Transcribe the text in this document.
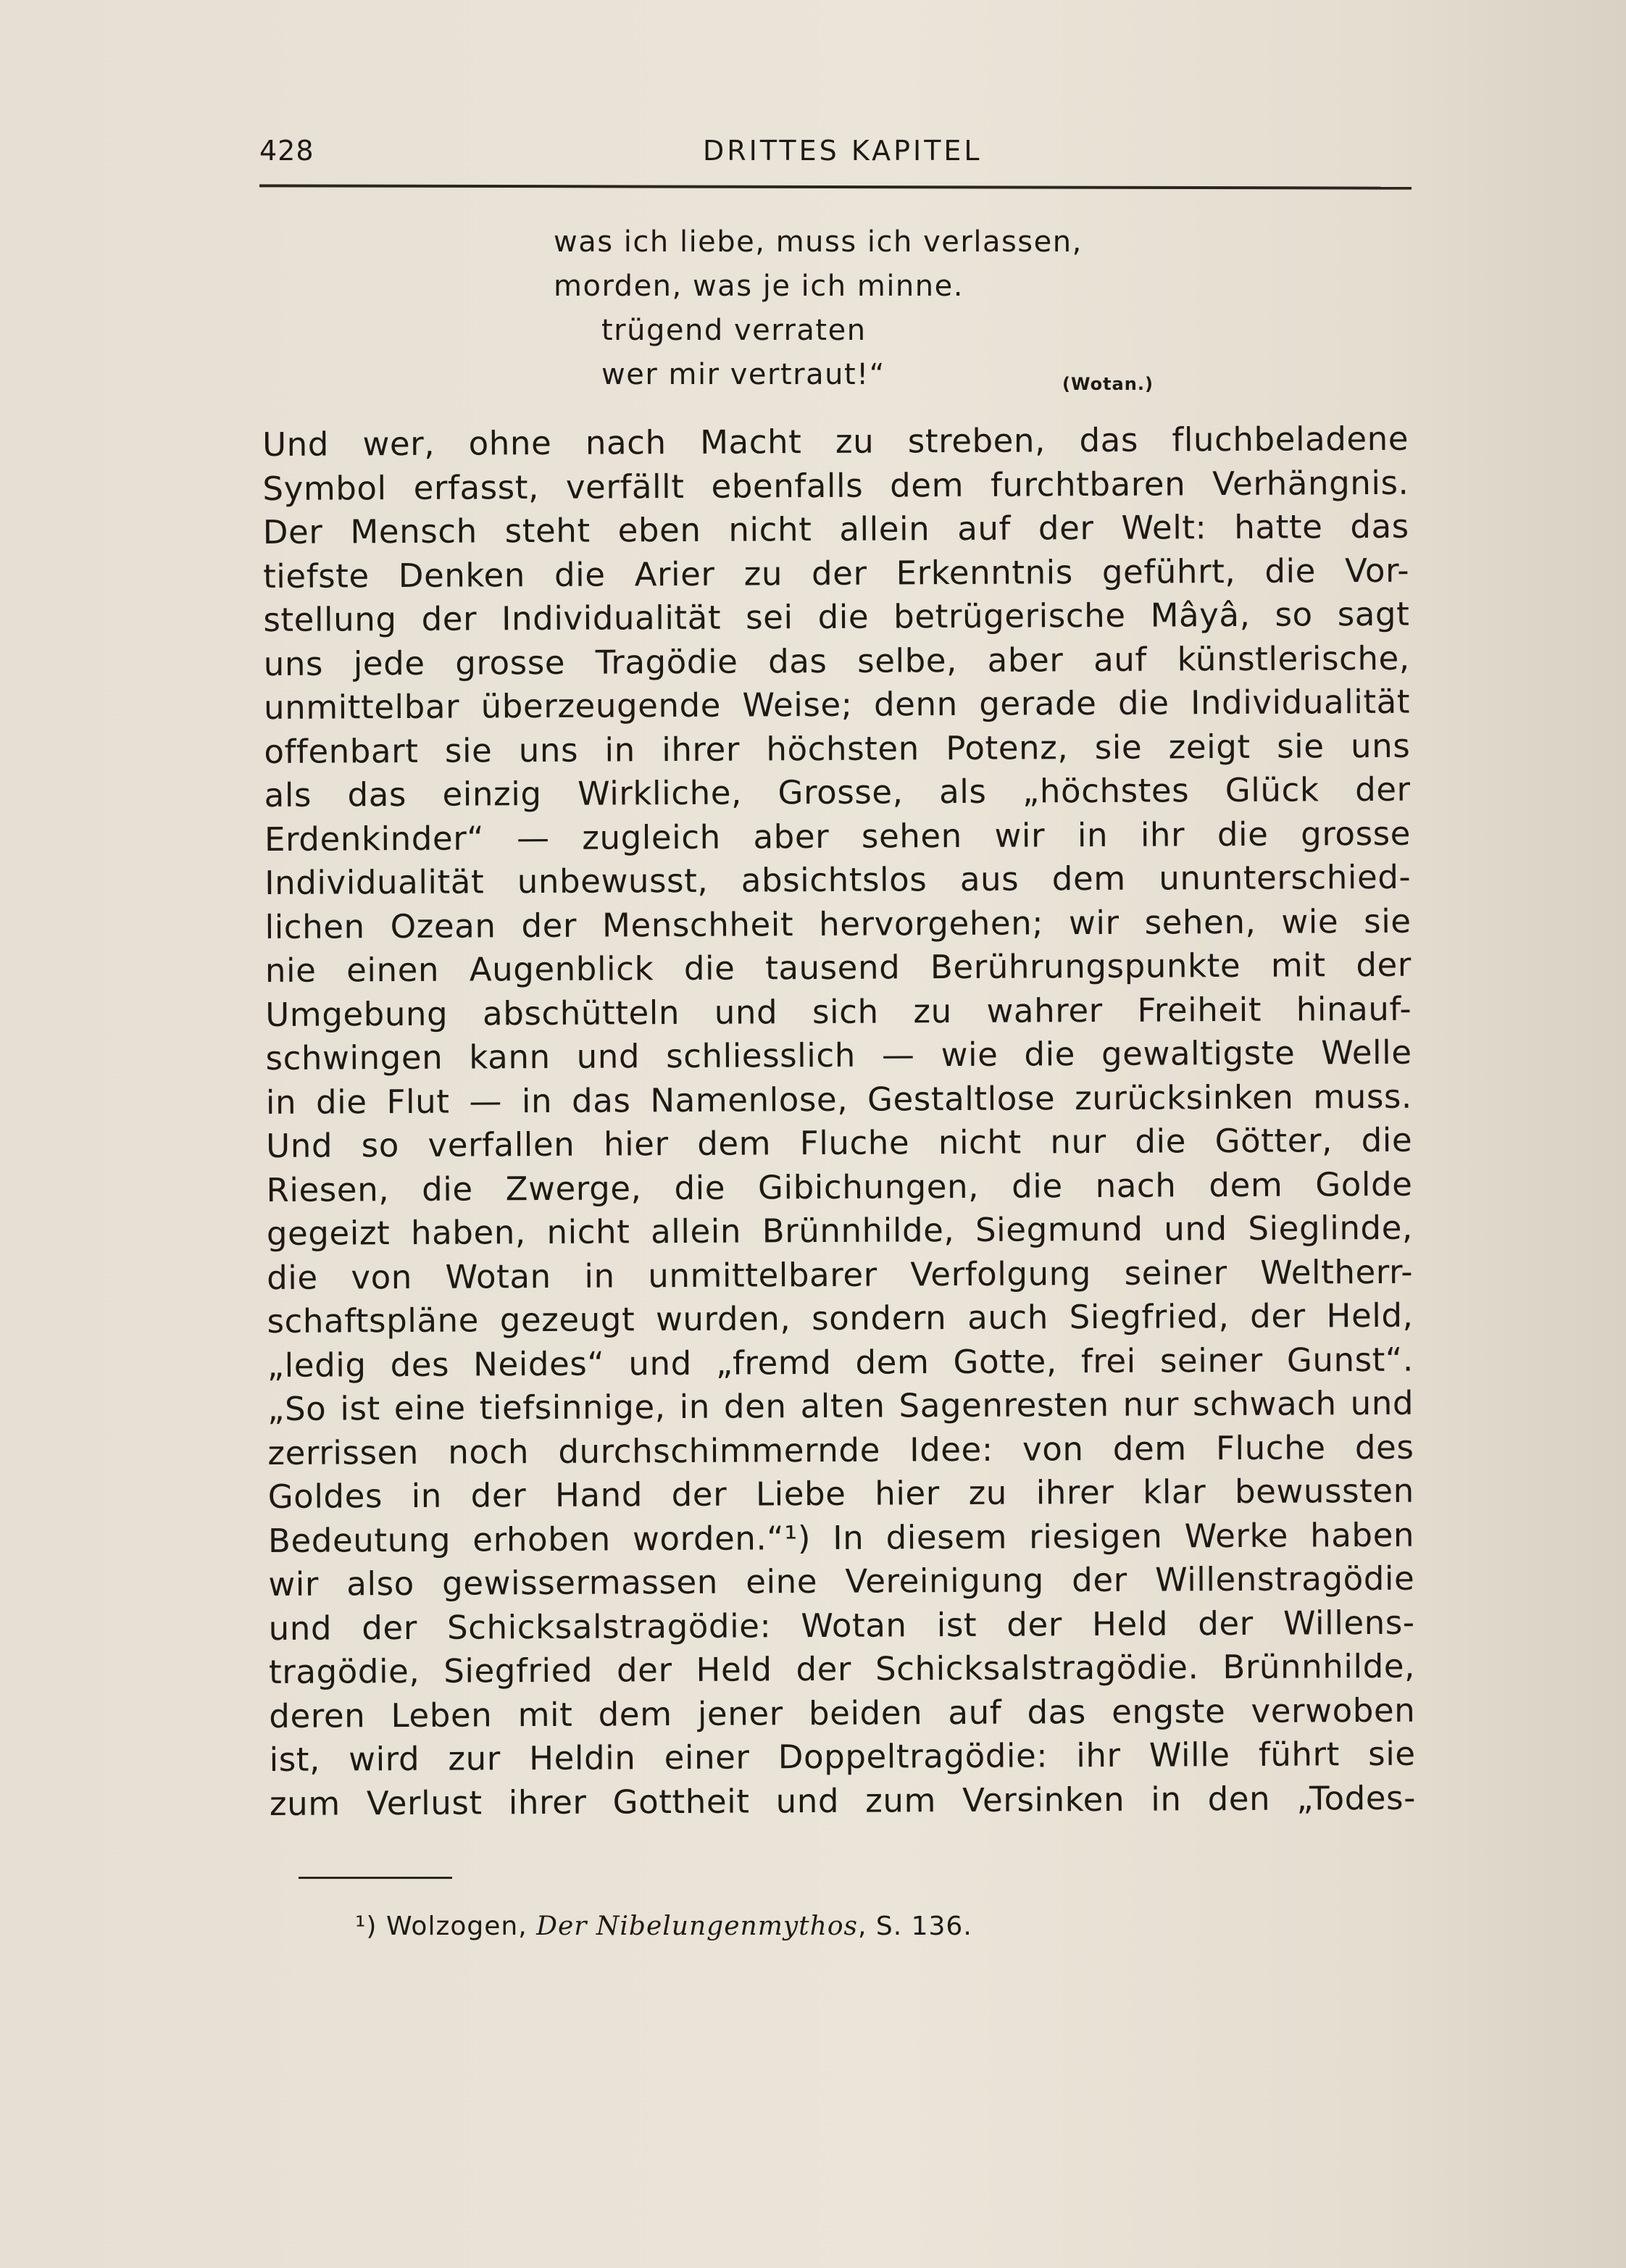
428	DRITTES KAPITEL
was ich liebe, muss ich verlassen,
morden, was je ich minne.
trügend verraten
wer mir vertraut!“	(Wotan.)
Und wer, ohne nach Macht zu streben, das fluchbeladene
Symbol erfasst, verfällt ebenfalls dem furchtbaren Verhängnis.
Der Mensch steht eben nicht allein auf der Welt: hatte das
tiefste Denken die Arier zu der Erkenntnis geführt, die Vor-
stellung der Individualität sei die betrügerische Mâyâ, so sagt
uns jede grosse Tragödie das selbe, aber auf künstlerische,
unmittelbar überzeugende Weise; denn gerade die Individualität
offenbart sie uns in ihrer höchsten Potenz, sie zeigt sie uns
als das einzig Wirkliche, Grosse, als „höchstes Glück der
Erdenkinder“ — zugleich aber sehen wir in ihr die grosse
Individualität unbewusst, absichtslos aus dem ununterschied-
lichen Ozean der Menschheit hervorgehen; wir sehen, wie sie
nie einen Augenblick die tausend Berührungspunkte mit der
Umgebung abschütteln und sich zu wahrer Freiheit hinauf-
schwingen kann und schliesslich — wie die gewaltigste Welle
in die Flut — in das Namenlose, Gestaltlose zurücksinken muss.
Und so verfallen hier dem Fluche nicht nur die Götter, die
Riesen, die Zwerge, die Gibichungen, die nach dem Golde
gegeizt haben, nicht allein Brünnhilde, Siegmund und Sieglinde,
die von Wotan in unmittelbarer Verfolgung seiner Weltherr-
schaftspläne gezeugt wurden, sondern auch Siegfried, der Held,
„ledig des Neides“ und „fremd dem Gotte, frei seiner Gunst“.
„So ist eine tiefsinnige, in den alten Sagenresten nur schwach und
zerrissen noch durchschimmernde Idee: von dem Fluche des
Goldes in der Hand der Liebe hier zu ihrer klar bewussten
Bedeutung erhoben worden.“¹) In diesem riesigen Werke haben
wir also gewissermassen eine Vereinigung der Willenstragödie
und der Schicksalstragödie: Wotan ist der Held der Willens-
tragödie, Siegfried der Held der Schicksalstragödie. Brünnhilde,
deren Leben mit dem jener beiden auf das engste verwoben
ist, wird zur Heldin einer Doppeltragödie: ihr Wille führt sie
zum Verlust ihrer Gottheit und zum Versinken in den „Todes-
¹) Wolzogen, Der Nibelungenmythos, S. 136.
